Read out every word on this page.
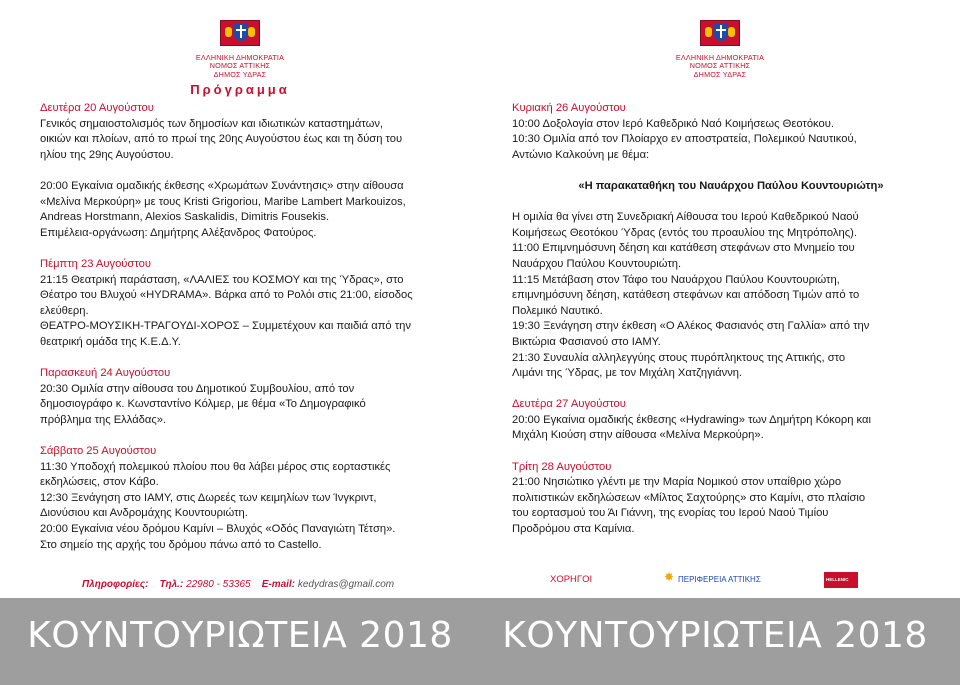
ΕΛΛΗΝΙΚΗ ΔΗΜΟΚΡΑΤΙΑ
ΝΟΜΟΣ ΑΤΤΙΚΗΣ
ΔΗΜΟΣ ΥΔΡΑΣ
Πρόγραμμα
Δευτέρα 20 Αυγούστου
Γενικός σημαιοστολισμός των δημοσίων και ιδιωτικών καταστημάτων,
οικιών και πλοίων, από το πρωί της 20ης Αυγούστου έως και τη δύση του
ηλίου της 29ης Αυγούστου.
20:00 Εγκαίνια ομαδικής έκθεσης «Χρωμάτων Συνάντησις» στην αίθουσα
«Μελίνα Μερκούρη» με τους Kristi Grigoriou, Maribe Lambert Markouizos,
Andreas Horstmann, Alexios Saskalidis, Dimitris Fousekis.
Επιμέλεια-οργάνωση: Δημήτρης Αλέξανδρος Φατούρος.
Πέμπτη 23 Αυγούστου
21:15 Θεατρική παράσταση, «ΛΑΛΙΕΣ του ΚΟΣΜΟΥ και της Ύδρας», στο
Θέατρο του Βλυχού «HYDRAMA». Βάρκα από το Ρολόι στις 21:00, είσοδος
ελεύθερη.
ΘΕΑΤΡΟ-ΜΟΥΣΙΚΗ-ΤΡΑΓΟΥΔΙ-ΧΟΡΟΣ – Συμμετέχουν και παιδιά από την
θεατρική ομάδα της Κ.Ε.Δ.Υ.
Παρασκευή 24 Αυγούστου
20:30 Ομιλία στην αίθουσα του Δημοτικού Συμβουλίου, από τον
δημοσιογράφο κ. Κωνσταντίνο Κόλμερ, με θέμα «Το Δημογραφικό
πρόβλημα της Ελλάδας».
Σάββατο 25 Αυγούστου
11:30 Υποδοχή πολεμικού πλοίου που θα λάβει μέρος στις εορταστικές
εκδηλώσεις, στον Κάβο.
12:30 Ξενάγηση στο ΙΑΜΥ, στις Δωρεές των κειμηλίων των Ίνγκριντ,
Διονύσιου και Ανδρομάχης Κουντουριώτη.
20:00 Εγκαίνια νέου δρόμου Καμίνι – Βλυχός «Οδός Παναγιώτη Τέτση».
Στο σημείο της αρχής του δρόμου πάνω από το Castello.
Πληροφορίες: Τηλ.: 22980 - 53365 E-mail: kedydras@gmail.com
ΕΛΛΗΝΙΚΗ ΔΗΜΟΚΡΑΤΙΑ
ΝΟΜΟΣ ΑΤΤΙΚΗΣ
ΔΗΜΟΣ ΥΔΡΑΣ
Κυριακή 26 Αυγούστου
10:00 Δοξολογία στον Ιερό Καθεδρικό Ναό Κοιμήσεως Θεοτόκου.
10:30 Ομιλία από τον Πλοίαρχο εν αποστρατεία, Πολεμικού Ναυτικού,
Αντώνιο Καλκούνη με θέμα:
«Η παρακαταθήκη του Ναυάρχου Παύλου Κουντουριώτη»
Η ομιλία θα γίνει στη Συνεδριακή Αίθουσα του Ιερού Καθεδρικού Ναού
Κοιμήσεως Θεοτόκου Ύδρας (εντός του προαυλίου της Μητρόπολης).
11:00 Επιμνημόσυνη δέηση και κατάθεση στεφάνων στο Μνημείο του
Ναυάρχου Παύλου Κουντουριώτη.
11:15 Μετάβαση στον Τάφο του Ναυάρχου Παύλου Κουντουριώτη,
επιμνημόσυνη δέηση, κατάθεση στεφάνων και απόδοση Τιμών από το
Πολεμικό Ναυτικό.
19:30 Ξενάγηση στην έκθεση «Ο Αλέκος Φασιανός στη Γαλλία» από την
Βικτώρια Φασιανού στο ΙΑΜΥ.
21:30 Συναυλία αλληλεγγύης στους πυρόπληκτους της Αττικής, στο
Λιμάνι της Ύδρας, με τον Μιχάλη Χατζηγιάννη.
Δευτέρα 27 Αυγούστου
20:00 Εγκαίνια ομαδικής έκθεσης «Hydrawing» των Δημήτρη Κόκορη και
Μιχάλη Κιούση στην αίθουσα «Μελίνα Μερκούρη».
Τρίτη 28 Αυγούστου
21:00 Νησιώτικο γλέντι με την Μαρία Νομικού στον υπαίθριο χώρο
πολιτιστικών εκδηλώσεων «Μίλτος Σαχτούρης» στο Καμίνι, στο πλαίσιο
του εορτασμού του Άι Γιάννη, της ενορίας του Ιερού Ναού Τιμίου
Προδρόμου στα Καμίνια.
ΧΟΡΗΓΟΙ	✸ ΠΕΡΙΦΕΡΕΙΑ ΑΤΤΙΚΗΣ	HELLENIC
ΚΟΥΝΤΟΥΡΙΩΤΕΙΑ 2018	ΚΟΥΝΤΟΥΡΙΩΤΕΙΑ 2018
